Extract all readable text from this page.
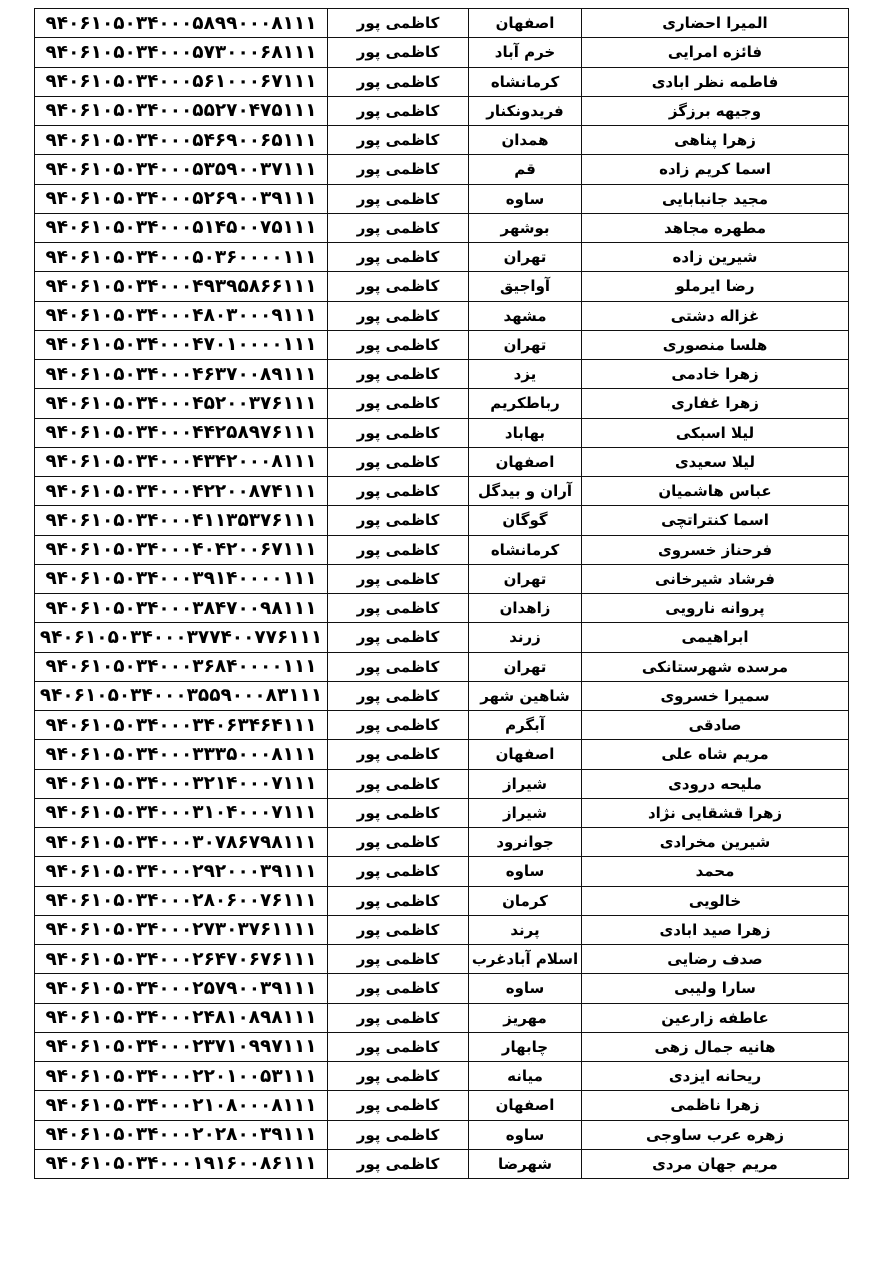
۹۴۰۶۱۰۵۰۳۴۰۰۰۵۸۹۹۰۰۰۸۱۱۱	کاظمی پور	اصفهان	المیرا احضاری
۹۴۰۶۱۰۵۰۳۴۰۰۰۵۷۳۰۰۰۶۸۱۱۱	کاظمی پور	خرم آباد	فائزه امرایی
۹۴۰۶۱۰۵۰۳۴۰۰۰۵۶۱۰۰۰۶۷۱۱۱	کاظمی پور	کرمانشاه	فاطمه نظر ابادی
۹۴۰۶۱۰۵۰۳۴۰۰۰۵۵۲۷۰۴۷۵۱۱۱	کاظمی پور	فریدونکنار	وجیهه برزگز
۹۴۰۶۱۰۵۰۳۴۰۰۰۵۴۶۹۰۰۶۵۱۱۱	کاظمی پور	همدان	زهرا پناهی
۹۴۰۶۱۰۵۰۳۴۰۰۰۵۳۵۹۰۰۳۷۱۱۱	کاظمی پور	قم	اسما کریم زاده
۹۴۰۶۱۰۵۰۳۴۰۰۰۵۲۶۹۰۰۳۹۱۱۱	کاظمی پور	ساوه	مجید جانبابایی
۹۴۰۶۱۰۵۰۳۴۰۰۰۵۱۴۵۰۰۷۵۱۱۱	کاظمی پور	بوشهر	مطهره مجاهد
۹۴۰۶۱۰۵۰۳۴۰۰۰۵۰۳۶۰۰۰۰۱۱۱	کاظمی پور	تهران	شیرین زاده
۹۴۰۶۱۰۵۰۳۴۰۰۰۴۹۳۹۵۸۶۶۱۱۱	کاظمی پور	آواجیق	رضا ایرملو
۹۴۰۶۱۰۵۰۳۴۰۰۰۴۸۰۳۰۰۰۹۱۱۱	کاظمی پور	مشهد	غزاله دشتی
۹۴۰۶۱۰۵۰۳۴۰۰۰۴۷۰۱۰۰۰۰۱۱۱	کاظمی پور	تهران	هلسا منصوری
۹۴۰۶۱۰۵۰۳۴۰۰۰۴۶۳۷۰۰۸۹۱۱۱	کاظمی پور	یزد	زهرا خادمی
۹۴۰۶۱۰۵۰۳۴۰۰۰۴۵۲۰۰۳۷۶۱۱۱	کاظمی پور	رباطکریم	زهرا غفاری
۹۴۰۶۱۰۵۰۳۴۰۰۰۴۴۲۵۸۹۷۶۱۱۱	کاظمی پور	بهاباد	لیلا اسبکی
۹۴۰۶۱۰۵۰۳۴۰۰۰۴۳۴۲۰۰۰۸۱۱۱	کاظمی پور	اصفهان	لیلا سعیدی
۹۴۰۶۱۰۵۰۳۴۰۰۰۴۲۲۰۰۸۷۴۱۱۱	کاظمی پور	آران و بیدگل	عباس هاشمیان
۹۴۰۶۱۰۵۰۳۴۰۰۰۴۱۱۳۵۳۷۶۱۱۱	کاظمی پور	گوگان	اسما کنتراتچی
۹۴۰۶۱۰۵۰۳۴۰۰۰۴۰۴۲۰۰۶۷۱۱۱	کاظمی پور	کرمانشاه	فرحناز خسروی
۹۴۰۶۱۰۵۰۳۴۰۰۰۳۹۱۴۰۰۰۰۱۱۱	کاظمی پور	تهران	فرشاد شیرخانی
۹۴۰۶۱۰۵۰۳۴۰۰۰۳۸۴۷۰۰۹۸۱۱۱	کاظمی پور	زاهدان	پروانه نارویی
۹۴۰۶۱۰۵۰۳۴۰۰۰۳۷۷۴۰۰۷۷۶۱۱۱	کاظمی پور	زرند	ابراهیمی
۹۴۰۶۱۰۵۰۳۴۰۰۰۳۶۸۴۰۰۰۰۱۱۱	کاظمی پور	تهران	مرسده شهرستانکی
۹۴۰۶۱۰۵۰۳۴۰۰۰۳۵۵۹۰۰۰۸۳۱۱۱	کاظمی پور	شاهین شهر	سمیرا خسروی
۹۴۰۶۱۰۵۰۳۴۰۰۰۳۴۰۶۳۴۶۴۱۱۱	کاظمی پور	آبگرم	صادقی
۹۴۰۶۱۰۵۰۳۴۰۰۰۳۳۳۵۰۰۰۸۱۱۱	کاظمی پور	اصفهان	مریم شاه علی
۹۴۰۶۱۰۵۰۳۴۰۰۰۳۲۱۴۰۰۰۷۱۱۱	کاظمی پور	شیراز	ملیحه درودی
۹۴۰۶۱۰۵۰۳۴۰۰۰۳۱۰۴۰۰۰۷۱۱۱	کاظمی پور	شیراز	زهرا قشقایی نژاد
۹۴۰۶۱۰۵۰۳۴۰۰۰۳۰۷۸۶۷۹۸۱۱۱	کاظمی پور	جوانرود	شیرین مخرادی
۹۴۰۶۱۰۵۰۳۴۰۰۰۲۹۲۰۰۰۳۹۱۱۱	کاظمی پور	ساوه	محمد
۹۴۰۶۱۰۵۰۳۴۰۰۰۲۸۰۶۰۰۷۶۱۱۱	کاظمی پور	کرمان	خالویی
۹۴۰۶۱۰۵۰۳۴۰۰۰۲۷۳۰۳۷۶۱۱۱۱	کاظمی پور	پرند	زهرا صید ابادی
۹۴۰۶۱۰۵۰۳۴۰۰۰۲۶۴۷۰۶۷۶۱۱۱	کاظمی پور	اسلام آبادغرب	صدف رضایی
۹۴۰۶۱۰۵۰۳۴۰۰۰۲۵۷۹۰۰۳۹۱۱۱	کاظمی پور	ساوه	سارا ولیبی
۹۴۰۶۱۰۵۰۳۴۰۰۰۲۴۸۱۰۸۹۸۱۱۱	کاظمی پور	مهریز	عاطفه زارعین
۹۴۰۶۱۰۵۰۳۴۰۰۰۲۳۷۱۰۹۹۷۱۱۱	کاظمی پور	چابهار	هانیه جمال زهی
۹۴۰۶۱۰۵۰۳۴۰۰۰۲۲۰۱۰۰۵۳۱۱۱	کاظمی پور	میانه	ریحانه ایزدی
۹۴۰۶۱۰۵۰۳۴۰۰۰۲۱۰۸۰۰۰۸۱۱۱	کاظمی پور	اصفهان	زهرا ناظمی
۹۴۰۶۱۰۵۰۳۴۰۰۰۲۰۲۸۰۰۳۹۱۱۱	کاظمی پور	ساوه	زهره عرب ساوجی
۹۴۰۶۱۰۵۰۳۴۰۰۰۱۹۱۶۰۰۸۶۱۱۱	کاظمی پور	شهرضا	مریم جهان مردی
